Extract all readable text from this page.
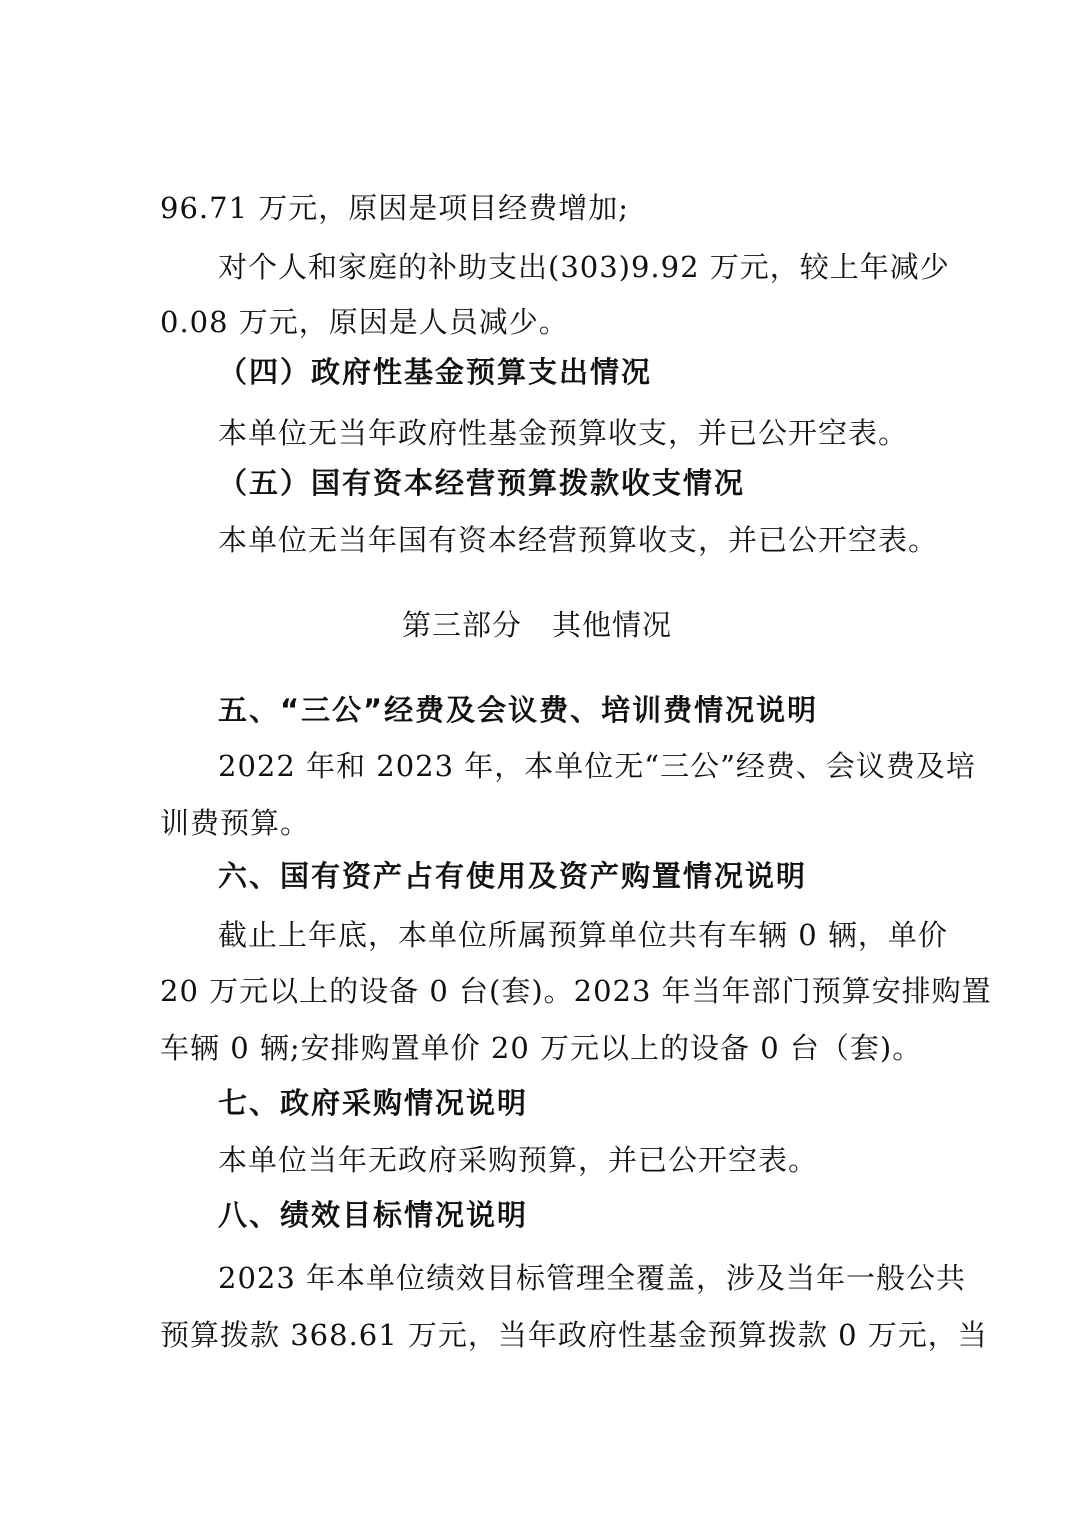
96.71 万元，原因是项目经费增加;
对个人和家庭的补助支出(303)9.92 万元，较上年减少
0.08 万元，原因是人员减少。
（四）政府性基金预算支出情况
本单位无当年政府性基金预算收支，并已公开空表。
（五）国有资本经营预算拨款收支情况
本单位无当年国有资本经营预算收支，并已公开空表。
第三部分　其他情况
五、“三公”经费及会议费、培训费情况说明
2022 年和 2023 年，本单位无“三公”经费、会议费及培
训费预算。
六、国有资产占有使用及资产购置情况说明
截止上年底，本单位所属预算单位共有车辆 0 辆，单价
20 万元以上的设备 0 台(套)。2023 年当年部门预算安排购置
车辆 0 辆;安排购置单价 20 万元以上的设备 0 台（套)。
七、政府采购情况说明
本单位当年无政府采购预算，并已公开空表。
八、绩效目标情况说明
2023 年本单位绩效目标管理全覆盖，涉及当年一般公共
预算拨款 368.61 万元，当年政府性基金预算拨款 0 万元，当
